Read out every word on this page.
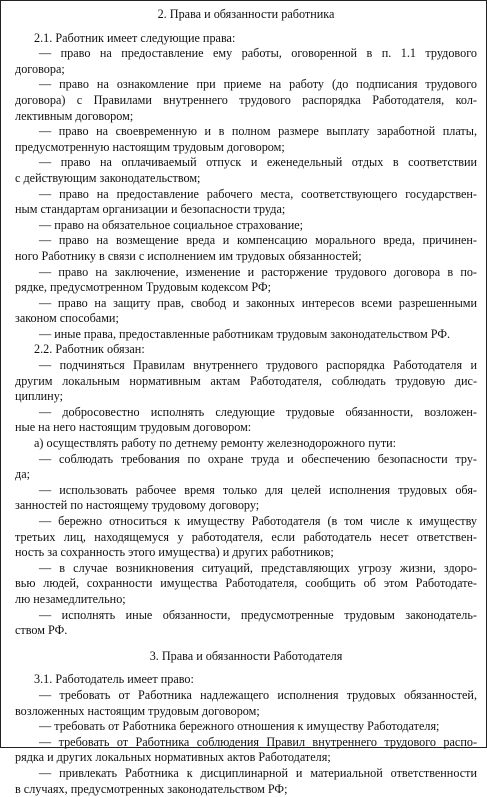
2. Права и обязанности работника
2.1. Работник имеет следующие права:
— право на предоставление ему работы, оговоренной в п. 1.1 трудового
договора;
— право на ознакомление при приеме на работу (до подписания трудового
договора) с Правилами внутреннего трудового распорядка Работодателя, кол-
лективным договором;
— право на своевременную и в полном размере выплату заработной платы,
предусмотренную настоящим трудовым договором;
— право на оплачиваемый отпуск и еженедельный отдых в соответствии
с действующим законодательством;
— право на предоставление рабочего места, соответствующего государствен-
ным стандартам организации и безопасности труда;
— право на обязательное социальное страхование;
— право на возмещение вреда и компенсацию морального вреда, причинен-
ного Работнику в связи с исполнением им трудовых обязанностей;
— право на заключение, изменение и расторжение трудового договора в по-
рядке, предусмотренном Трудовым кодексом РФ;
— право на защиту прав, свобод и законных интересов всеми разрешенными
законом способами;
— иные права, предоставленные работникам трудовым законодательством РФ.
2.2. Работник обязан:
— подчиняться Правилам внутреннего трудового распорядка Работодателя и
другим локальным нормативным актам Работодателя, соблюдать трудовую дис-
циплину;
— добросовестно исполнять следующие трудовые обязанности, возложен-
ные на него настоящим трудовым договором:
а) осуществлять работу по детнему ремонту железнодорожного пути:
— соблюдать требования по охране труда и обеспечению безопасности тру-
да;
— использовать рабочее время только для целей исполнения трудовых обя-
занностей по настоящему трудовому договору;
— бережно относиться к имуществу Работодателя (в том числе к имуществу
третьих лиц, находящемуся у работодателя, если работодатель несет ответствен-
ность за сохранность этого имущества) и других работников;
— в случае возникновения ситуаций, представляющих угрозу жизни, здоро-
вью людей, сохранности имущества Работодателя, сообщить об этом Работодате-
лю незамедлительно;
— исполнять иные обязанности, предусмотренные трудовым законодатель-
ством РФ.
3. Права и обязанности Работодателя
3.1. Работодатель имеет право:
— требовать от Работника надлежащего исполнения трудовых обязанностей,
возложенных настоящим трудовым договором;
— требовать от Работника бережного отношения к имуществу Работодателя;
— требовать от Работника соблюдения Правил внутреннего трудового распо-
рядка и других локальных нормативных актов Работодателя;
— привлекать Работника к дисциплинарной и материальной ответственности
в случаях, предусмотренных законодательством РФ;
